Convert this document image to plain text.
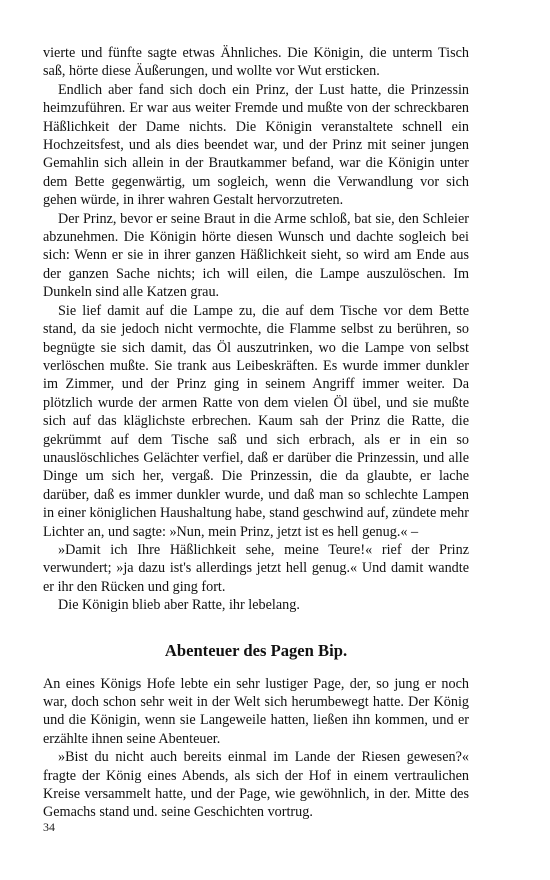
vierte und fünfte sagte etwas Ähnliches. Die Königin, die unterm Tisch saß, hörte diese Äußerungen, und wollte vor Wut ersticken.

Endlich aber fand sich doch ein Prinz, der Lust hatte, die Prinzessin heimzuführen. Er war aus weiter Fremde und mußte von der schreckbaren Häßlichkeit der Dame nichts. Die Königin veranstaltete schnell ein Hochzeitsfest, und als dies beendet war, und der Prinz mit seiner jungen Gemahlin sich allein in der Brautkammer befand, war die Königin unter dem Bette gegenwärtig, um sogleich, wenn die Verwandlung vor sich gehen würde, in ihrer wahren Gestalt hervorzutreten.

Der Prinz, bevor er seine Braut in die Arme schloß, bat sie, den Schleier abzunehmen. Die Königin hörte diesen Wunsch und dachte sogleich bei sich: Wenn er sie in ihrer ganzen Häßlichkeit sieht, so wird am Ende aus der ganzen Sache nichts; ich will eilen, die Lampe auszulöschen. Im Dunkeln sind alle Katzen grau.

Sie lief damit auf die Lampe zu, die auf dem Tische vor dem Bette stand, da sie jedoch nicht vermochte, die Flamme selbst zu berühren, so begnügte sie sich damit, das Öl auszutrinken, wo die Lampe von selbst verlöschen mußte. Sie trank aus Leibeskräften. Es wurde immer dunkler im Zimmer, und der Prinz ging in seinem Angriff immer weiter. Da plötzlich wurde der armen Ratte von dem vielen Öl übel, und sie mußte sich auf das kläglichste erbrechen. Kaum sah der Prinz die Ratte, die gekrümmt auf dem Tische saß und sich erbrach, als er in ein so unauslöschliches Gelächter verfiel, daß er darüber die Prinzessin, und alle Dinge um sich her, vergaß. Die Prinzessin, die da glaubte, er lache darüber, daß es immer dunkler wurde, und daß man so schlechte Lampen in einer königlichen Haushaltung habe, stand geschwind auf, zündete mehr Lichter an, und sagte: »Nun, mein Prinz, jetzt ist es hell genug.« –

»Damit ich Ihre Häßlichkeit sehe, meine Teure!« rief der Prinz verwundert; »ja dazu ist's allerdings jetzt hell genug.« Und damit wandte er ihr den Rücken und ging fort.

Die Königin blieb aber Ratte, ihr lebelang.

Abenteuer des Pagen Bip.

An eines Königs Hofe lebte ein sehr lustiger Page, der, so jung er noch war, doch schon sehr weit in der Welt sich herumbewegt hatte. Der König und die Königin, wenn sie Langeweile hatten, ließen ihn kommen, und er erzählte ihnen seine Abenteuer.

»Bist du nicht auch bereits einmal im Lande der Riesen gewesen?« fragte der König eines Abends, als sich der Hof in einem vertraulichen Kreise versammelt hatte, und der Page, wie gewöhnlich, in der. Mitte des Gemachs stand und. seine Geschichten vortrug.

34
